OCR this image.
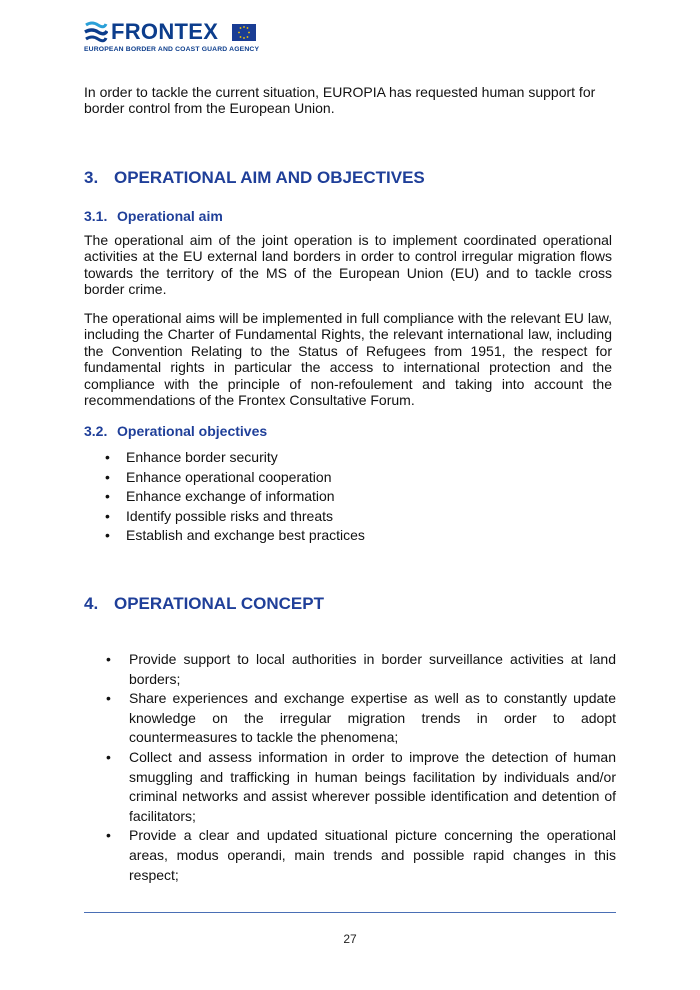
FRONTEX
EUROPEAN BORDER AND COAST GUARD AGENCY

In order to tackle the current situation, EUROPIA has requested human support for border control from the European Union.

3. OPERATIONAL AIM AND OBJECTIVES
3.1. Operational aim

The operational aim of the joint operation is to implement coordinated operational activities at the EU external land borders in order to control irregular migration flows towards the territory of the MS of the European Union (EU) and to tackle cross border crime.

The operational aims will be implemented in full compliance with the relevant EU law, including the Charter of Fundamental Rights, the relevant international law, including the Convention Relating to the Status of Refugees from 1951, the respect for fundamental rights in particular the access to international protection and the compliance with the principle of non-refoulement and taking into account the recommendations of the Frontex Consultative Forum.

3.2. Operational objectives
• Enhance border security
• Enhance operational cooperation
• Enhance exchange of information
• Identify possible risks and threats
• Establish and exchange best practices
4. OPERATIONAL CONCEPT
• Provide support to local authorities in border surveillance activities at land borders;
• Share experiences and exchange expertise as well as to constantly update knowledge on the irregular migration trends in order to adopt countermeasures to tackle the phenomena;
• Collect and assess information in order to improve the detection of human smuggling and trafficking in human beings facilitation by individuals and/or criminal networks and assist wherever possible identification and detention of facilitators;
• Provide a clear and updated situational picture concerning the operational areas, modus operandi, main trends and possible rapid changes in this respect;
27
